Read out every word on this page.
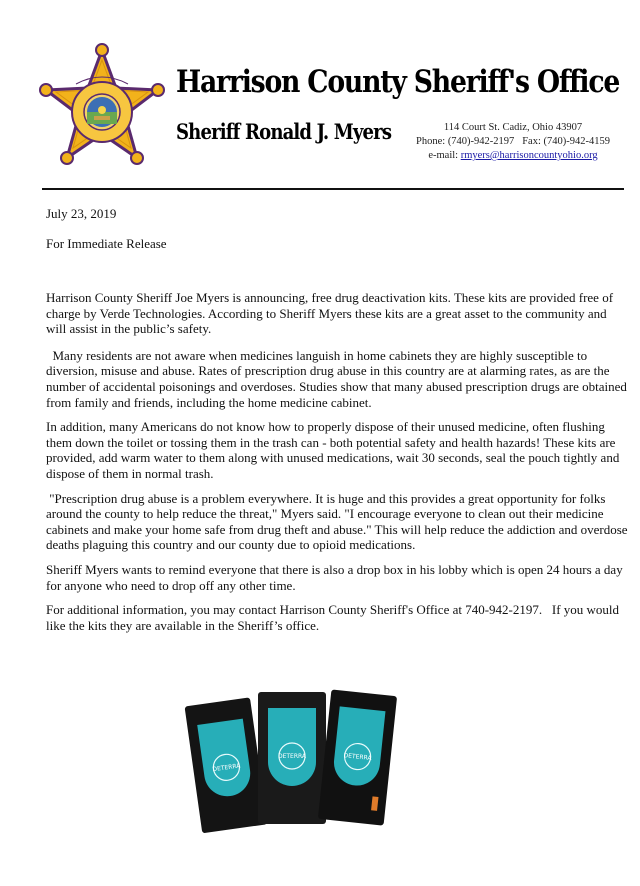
Harrison County Sheriff's Office
Sheriff Ronald J. Myers	114 Court St. Cadiz, Ohio 43907
Phone: (740)-942-2197 Fax: (740)-942-4159
e-mail: rmyers@harrisoncountyohio.org
July 23, 2019
For Immediate Release

Harrison County Sheriff Joe Myers is announcing, free drug deactivation kits. These kits are provided free of charge by Verde Technologies. According to Sheriff Myers these kits are a great asset to the community and will assist in the public’s safety.

Many residents are not aware when medicines languish in home cabinets they are highly susceptible to diversion, misuse and abuse. Rates of prescription drug abuse in this country are at alarming rates, as are the number of accidental poisonings and overdoses. Studies show that many abused prescription drugs are obtained from family and friends, including the home medicine cabinet.

In addition, many Americans do not know how to properly dispose of their unused medicine, often flushing them down the toilet or tossing them in the trash can - both potential safety and health hazards! These kits are provided, add warm water to them along with unused medications, wait 30 seconds, seal the pouch tightly and dispose of them in normal trash.

"Prescription drug abuse is a problem everywhere. It is huge and this provides a great opportunity for folks around the county to help reduce the threat," Myers said. "I encourage everyone to clean out their medicine cabinets and make your home safe from drug theft and abuse." This will help reduce the addiction and overdose deaths plaguing this country and our county due to opioid medications.

Sheriff Myers wants to remind everyone that there is also a drop box in his lobby which is open 24 hours a day for anyone who need to drop off any other time.

For additional information, you may contact Harrison County Sheriff's Office at 740-942-2197.   If you would like the kits they are available in the Sheriff’s office.

DETERRA
DETERRA	DETERRA
